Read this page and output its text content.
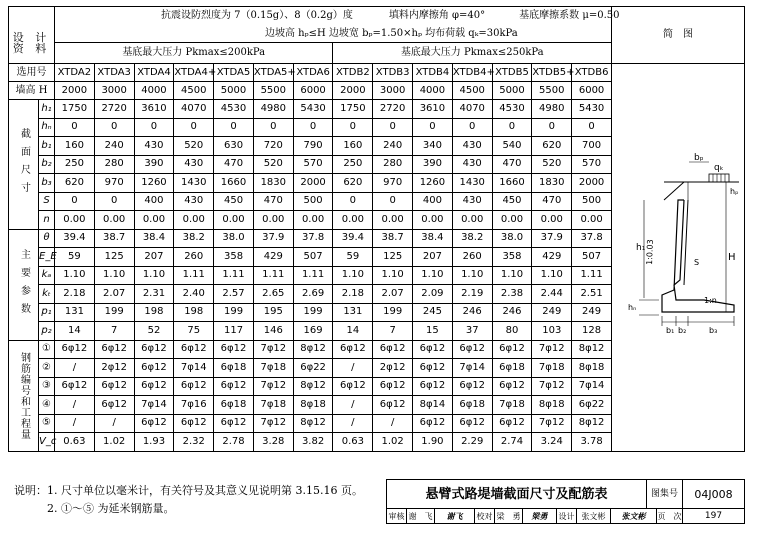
设 计		抗震设防烈度为 7（0.15g）、8（0.2g）度 填料内摩擦角 φ=40° 基底摩擦系数 μ=0.50														简　图
		边坡高 hₚ≤H 边坡宽 bₚ=1.50×hₚ 均布荷载 qₖ=30kPa														
资 料		基底最大压力 Pkmax≤200kPa							基底最大压力 Pkmax≤250kPa							
选用号		XTDA2	XTDA3	XTDA4	XTDA4+	XTDA5	XTDA5+	XTDA6	XTDB2	XTDB3	XTDB4	XTDB4+	XTDB5	XTDB5+	XTDB6	
墙高 H		2000	3000	4000	4500	5000	5500	6000	2000	3000	4000	4500	5000	5500	6000	
截面尺寸	h₁	1750	2720	3610	4070	4530	4980	5430	1750	2720	3610	4070	4530	4980	5430	
	hₙ	0	0	0	0	0	0	0	0	0	0	0	0	0	0	
	b₁	160	240	430	520	630	720	790	160	240	340	430	540	620	700	
	b₂	250	280	390	430	470	520	570	250	280	390	430	470	520	570	
	b₃	620	970	1260	1430	1660	1830	2000	620	970	1260	1430	1660	1830	2000	
	S	0	0	400	430	450	470	500	0	0	400	430	450	470	500	
	n	0.00	0.00	0.00	0.00	0.00	0.00	0.00	0.00	0.00	0.00	0.00	0.00	0.00	0.00	
主要参数	θ	39.4	38.7	38.4	38.2	38.0	37.9	37.8	39.4	38.7	38.4	38.2	38.0	37.9	37.8	
	E_E	59	125	207	260	358	429	507	59	125	207	260	358	429	507	
	kₐ	1.10	1.10	1.10	1.11	1.11	1.11	1.11	1.10	1.10	1.10	1.10	1.10	1.10	1.11	
	kₜ	2.18	2.07	2.31	2.40	2.57	2.65	2.69	2.18	2.07	2.09	2.19	2.38	2.44	2.51	
	p₁	131	199	198	198	199	195	199	131	199	245	246	246	249	249	
	p₂	14	7	52	75	117	146	169	14	7	15	37	80	103	128	
钢筋编号和工程量	①	6φ12	6φ12	6φ12	6φ12	6φ12	7φ12	8φ12	6φ12	6φ12	6φ12	6φ12	6φ12	7φ12	8φ12	
	②	/	2φ12	6φ12	7φ14	6φ18	7φ18	6φ22	/	2φ12	6φ12	7φ14	6φ18	7φ18	8φ18	
	③	6φ12	6φ12	6φ12	6φ12	6φ12	7φ12	8φ12	6φ12	6φ12	6φ12	6φ12	6φ12	7φ12	7φ14	
	④	/	6φ12	7φ14	7φ16	6φ18	7φ18	8φ18	/	6φ12	8φ14	6φ18	7φ18	8φ18	6φ22	
	⑤	/	/	6φ12	6φ12	6φ12	7φ12	8φ12	/	/	6φ12	6φ12	6φ12	7φ12	8φ12	
	V_c	0.63	1.02	1.93	2.32	2.78	3.28	3.82	0.63	1.02	1.90	2.29	2.74	3.24	3.78	
bₚ
qₖ
hₚ
h₁
H
1:0.03	S
1:n
hₙ
b₁ b₂	b₃
说明：1. 尺寸单位以毫米计，有关符号及其意义见说明第 3.15.16 页。
　　　2. ①～⑤ 为延米钢筋量。
悬臂式路堤墙截面尺寸及配筋表	图集号	04J008
审核 谢　飞	谢飞	校对 梁　勇	梁勇	设计 张文彬	张文彬	页　次	197
